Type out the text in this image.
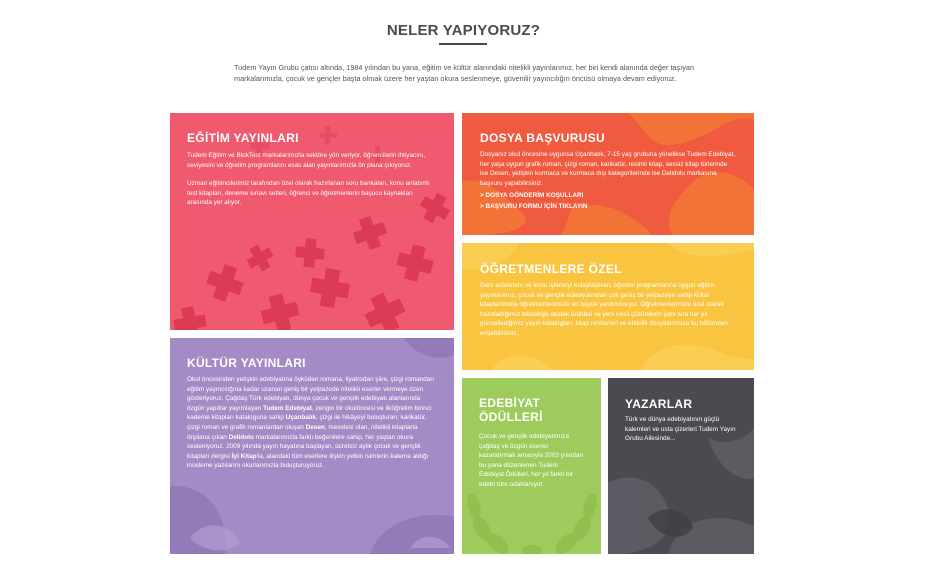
NELER YAPIYORUZ?

Tudem Yayın Grubu çatısı altında, 1984 yılından bu yana, eğitim ve kültür alanındaki nitelikli yayınlarımız, her biri kendi alanında değer taşıyan markalarımızla, çocuk ve gençler başta olmak üzere her yaştan okura seslenmeye, güvenilir yayıncılığın öncüsü olmaya devam ediyoruz.

EĞİTİM YAYINLARI

Tudem Eğitim ve BlokTest markalarımızla sektöre yön veriyor, öğrencilerin ihtiyacını, seviyesini ve öğretim programlarını esas alan yayınlarımızla ön plana çıkıyoruz.

Uzman eğitimcilerimiz tarafından özel olarak hazırlanan soru bankaları, konu anlatımlı test kitapları, deneme sınavı setleri, öğrenci ve öğretmenlerin başucu kaynakları arasında yer alıyor.

DOSYA BAŞVURUSU

Dosyanız okul öncesine uygunsa Uçanbalık, 7-15 yaş grubuna yönelikse Tudem Edebiyat, her yaşa uygun grafik roman, çizgi roman, karikatür, resimli kitap, sessiz kitap türlerinde ise Desen, yetişkin kurmaca ve kurmaca dışı kategorilerinde ise Delidolu markasına başvuru yapabilirsiniz.

> DOSYA GÖNDERİM KOŞULLARI
> BAŞVURU FORMU İÇİN TIKLAYIN
ÖĞRETMENLERE ÖZEL

Ders anlatımını ve konu işlemeyi kolaylaştıran, öğretim programlarına uygun eğitim yayınlarımız, çocuk ve gençlik edebiyatından çok geniş bir yelpazeye sahip kültür kitaplarımızla öğretmenlerimizin en büyük yardımcısıyız. Öğretmenlerimize özel olarak hazırladığımız teknolojik destek ürünleri ve yeni nesil çözümlerin yanı sıra her yıl güncellediğimiz yayın katalogları, kitap rehberleri ve etkinlik dosyalarımıza bu bölümden erişebilirsiniz.

KÜLTÜR YAYINLARI

Okul öncesinden yetişkin edebiyatına öyküden romana, tiyatrodan şiire, çizgi romandan eğitim yayıncılığına kadar uzanan geniş bir yelpazede nitelikli eserler vermeye özen gösteriyoruz. Çağdaş Türk edebiyatı, dünya çocuk ve gençlik edebiyatı alanlarında özgün yapıtlar yayımlayan Tudem Edebiyat, zengin bir okulöncesi ve ilköğretim birinci kademe kitapları kataloguna sahip Uçanbalık, çizgi ile hikâyeyi buluşturan; karikatür, çizgi roman ve grafik romanlardan oluşan Desen, meselesi olan, nitelikli kitaplarla önplana çıkan Delidolu markalarımızla farklı beğenilere sahip, her yaştan okura sesleniyoruz. 2009 yılında yayın hayatına başlayan, ücretsiz aylık çocuk ve gençlik kitapları dergisi İyi Kitap'la, alandaki tüm eserlere ilişkin yetkin isimlerin kaleme aldığı inceleme yazılarını okurlarımızla buluşturuyoruz.

EDEBİYAT
ÖDÜLLERİ

Çocuk ve gençlik edebiyatımıza çağdaş ve özgün eserler kazandırmak amacıyla 2003 yılından bu yana düzenlenen Tudem Edebiyat Ödülleri, her yıl farklı bir edebî türe odaklanıyor.

YAZARLAR

Türk ve dünya edebiyatının güçlü kalemleri ve usta çizerleri Tudem Yayın Grubu Ailesinde...
